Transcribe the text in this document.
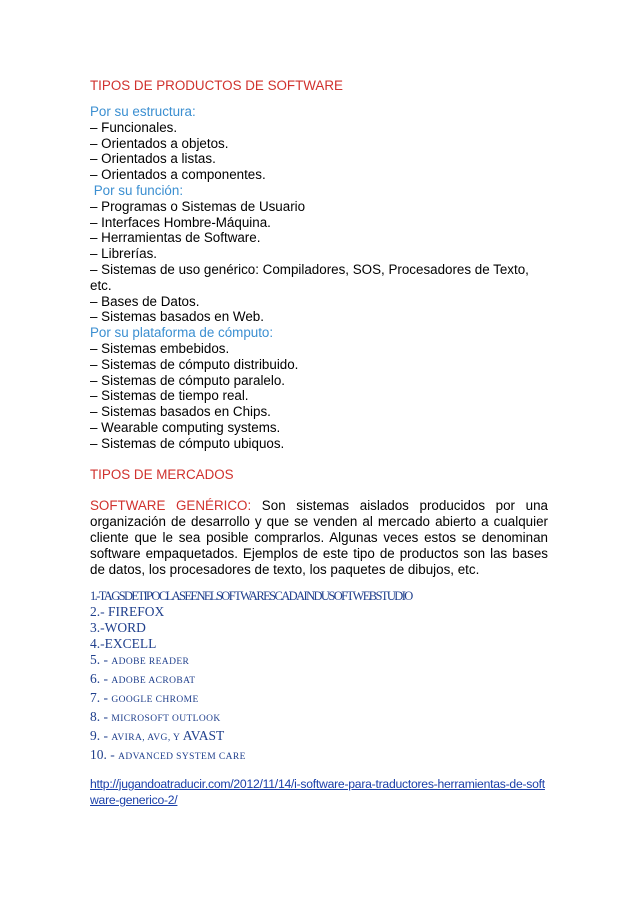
TIPOS DE PRODUCTOS DE SOFTWARE
Por su estructura:
– Funcionales.
– Orientados a objetos.
– Orientados a listas.
– Orientados a componentes.
Por su función:
– Programas o Sistemas de Usuario
– Interfaces Hombre-Máquina.
– Herramientas de Software.
– Librerías.
– Sistemas de uso genérico: Compiladores, SOS, Procesadores de Texto,
etc.
– Bases de Datos.
– Sistemas basados en Web.
Por su plataforma de cómputo:
– Sistemas embebidos.
– Sistemas de cómputo distribuido.
– Sistemas de cómputo paralelo.
– Sistemas de tiempo real.
– Sistemas basados en Chips.
– Wearable computing systems.
– Sistemas de cómputo ubiquos.
TIPOS DE MERCADOS
SOFTWARE GENÉRICO: Son sistemas aislados producidos por una organización de desarrollo y que se venden al mercado abierto a cualquier cliente que le sea posible comprarlos. Algunas veces estos se denominan software empaquetados. Ejemplos de este tipo de productos son las bases de datos, los procesadores de texto, los paquetes de dibujos, etc.
1.-TAGSDETIPOCLASEENELSOFTWARESCADAINDUSOFTWEBSTUDIO
2.- FIREFOX
3.-WORD
4.-EXCELL
5. - ADOBE READER
6. - ADOBE ACROBAT
7. - GOOGLE CHROME
8. - MICROSOFT OUTLOOK
9. - AVIRA, AVG, Y AVAST
10. - ADVANCED SYSTEM CARE
http://jugandoatraducir.com/2012/11/14/i-software-para-traductores-herramientas-de-software-generico-2/
